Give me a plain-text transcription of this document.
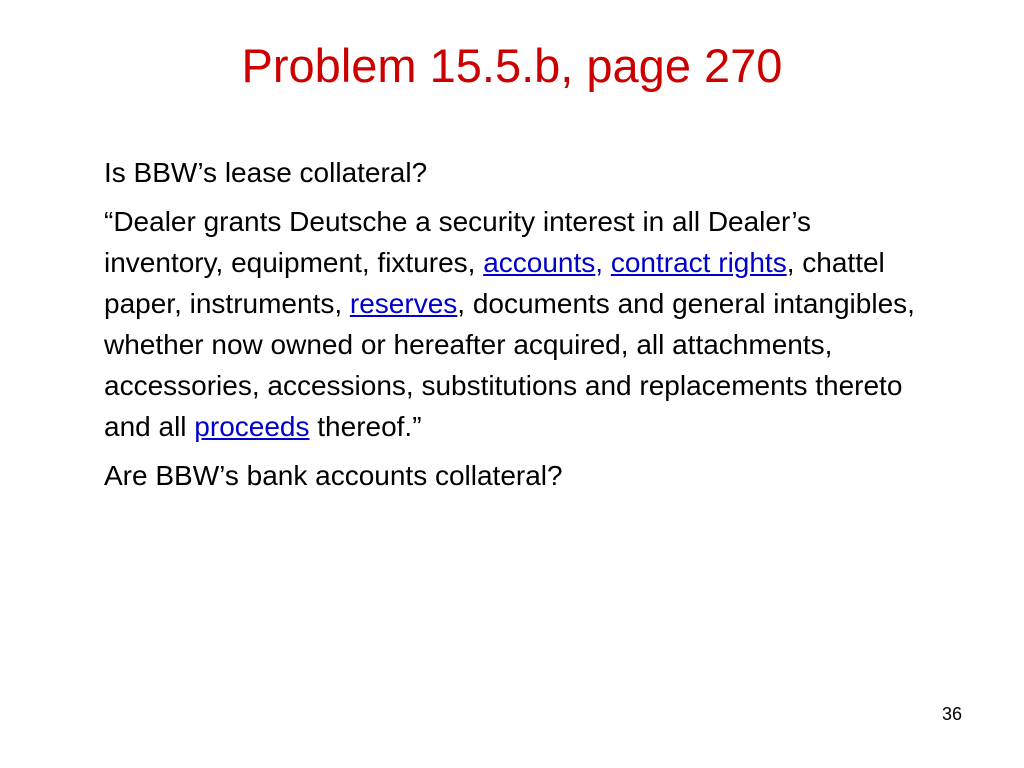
Problem 15.5.b, page 270

Is BBW’s lease collateral?

“Dealer grants Deutsche a security interest in all Dealer’s inventory, equipment, fixtures, accounts, contract rights, chattel paper, instruments, reserves, documents and general intangibles, whether now owned or hereafter acquired, all attachments, accessories, accessions, substitutions and replacements thereto and all proceeds thereof.”

Are BBW’s bank accounts collateral?

36
